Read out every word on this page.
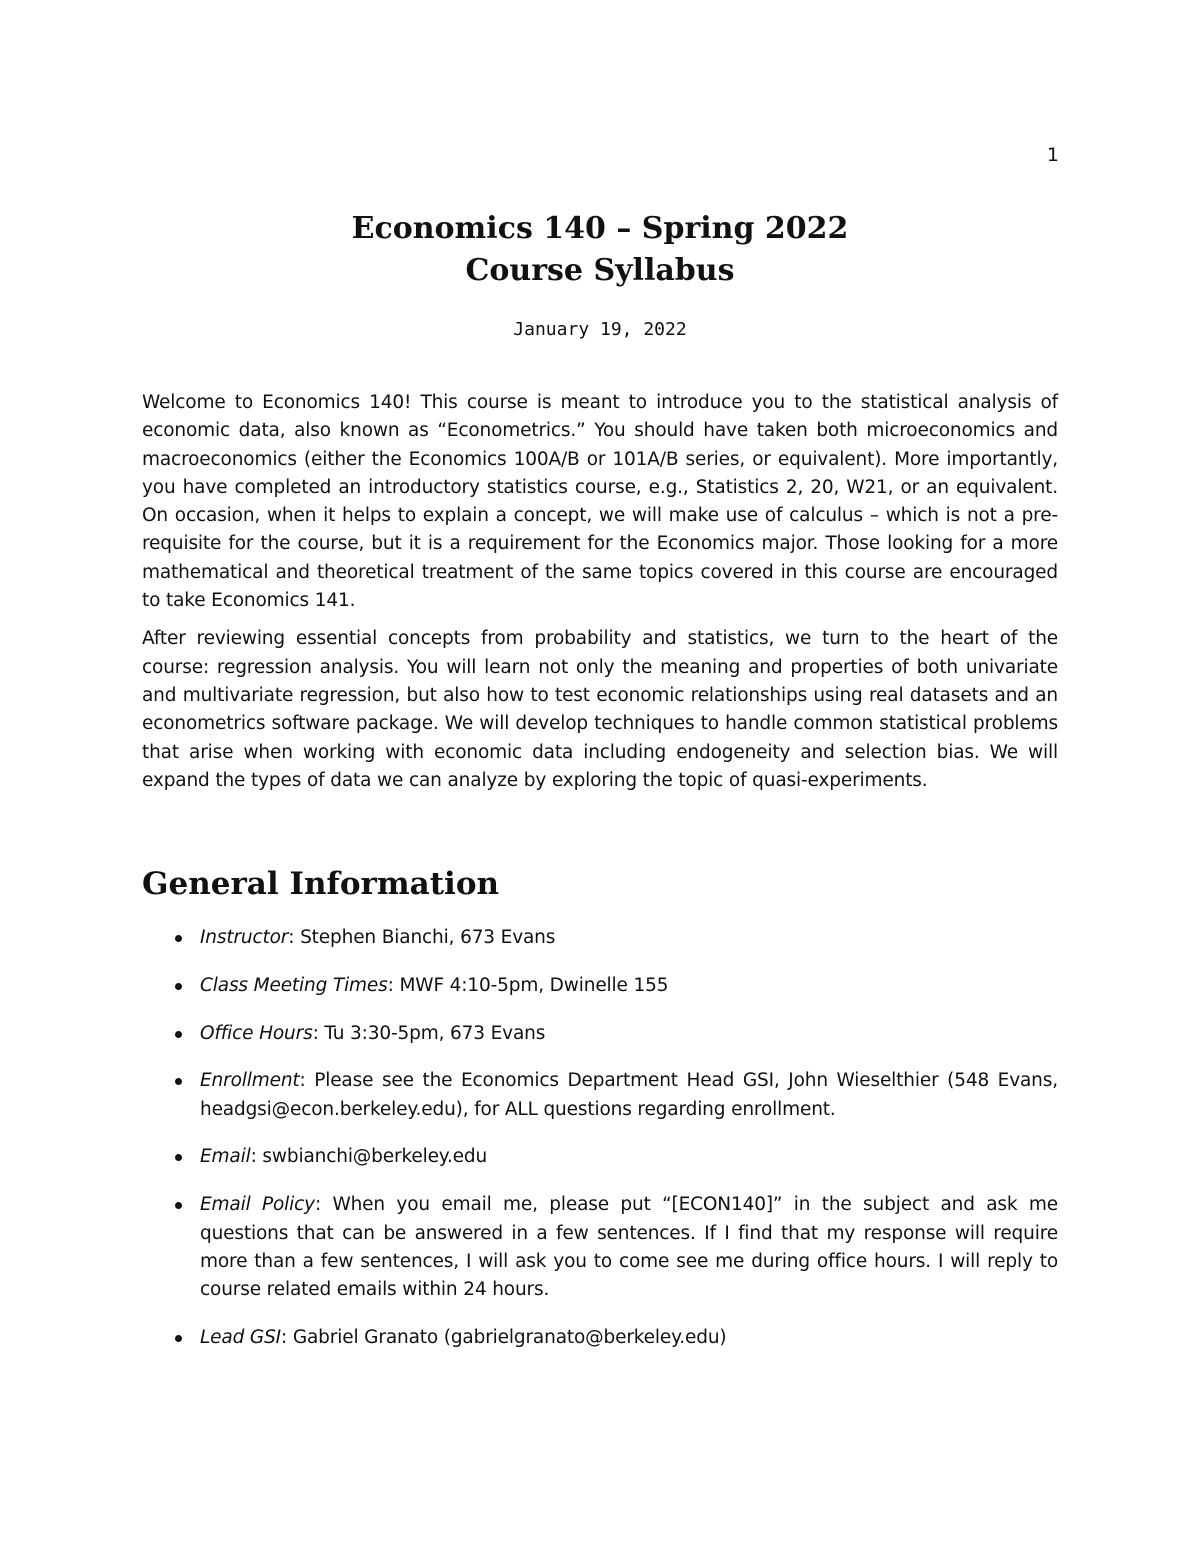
1
Economics 140 – Spring 2022
Course Syllabus
January 19, 2022

Welcome to Economics 140! This course is meant to introduce you to the statistical analysis of economic data, also known as “Econometrics.” You should have taken both microeconomics and macroeconomics (either the Economics 100A/B or 101A/B series, or equivalent). More importantly, you have completed an introductory statistics course, e.g., Statistics 2, 20, W21, or an equivalent. On occasion, when it helps to explain a concept, we will make use of calculus – which is not a pre-requisite for the course, but it is a requirement for the Economics major. Those looking for a more mathematical and theoretical treatment of the same topics covered in this course are encouraged to take Economics 141.

After reviewing essential concepts from probability and statistics, we turn to the heart of the course: regression analysis. You will learn not only the meaning and properties of both univariate and multivariate regression, but also how to test economic relationships using real datasets and an econometrics software package. We will develop techniques to handle common statistical problems that arise when working with economic data including endogeneity and selection bias. We will expand the types of data we can analyze by exploring the topic of quasi-experiments.

General Information
Instructor: Stephen Bianchi, 673 Evans
Class Meeting Times: MWF 4:10-5pm, Dwinelle 155
Office Hours: Tu 3:30-5pm, 673 Evans
Enrollment: Please see the Economics Department Head GSI, John Wieselthier (548 Evans, headgsi@econ.berkeley.edu), for ALL questions regarding enrollment.
Email: swbianchi@berkeley.edu
Email Policy: When you email me, please put “[ECON140]” in the subject and ask me questions that can be answered in a few sentences. If I find that my response will require more than a few sentences, I will ask you to come see me during office hours. I will reply to course related emails within 24 hours.
Lead GSI: Gabriel Granato (gabrielgranato@berkeley.edu)
